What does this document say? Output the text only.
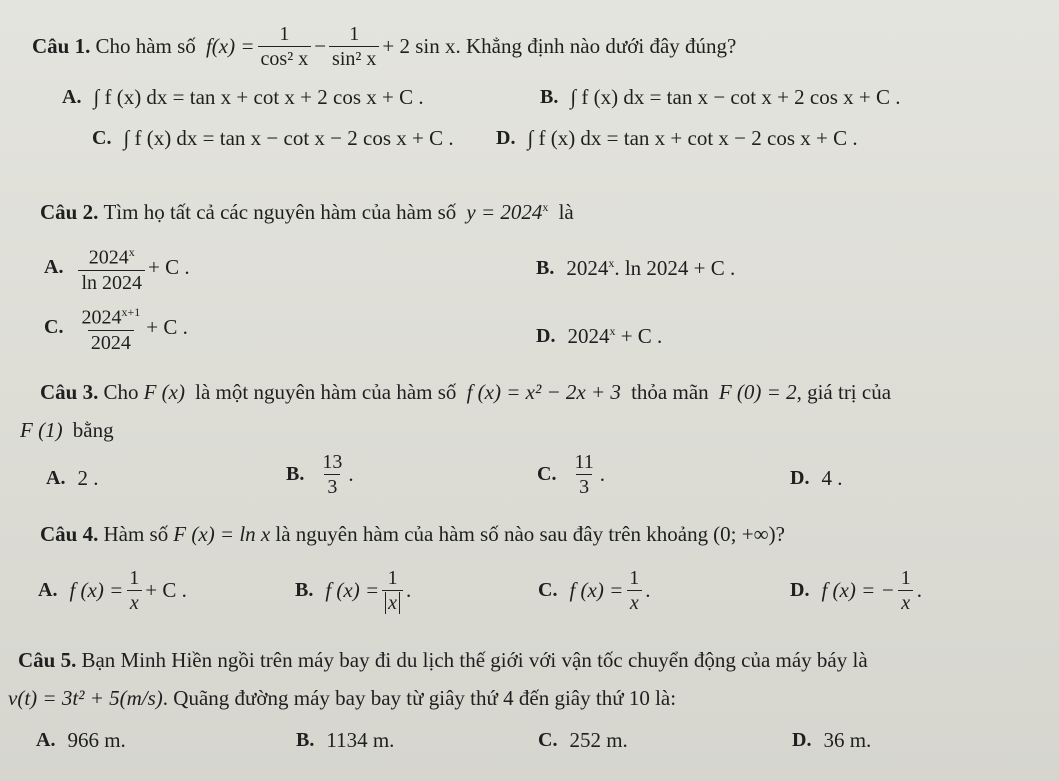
Câu 1.
Cho hàm số
$f(x) = \frac{1}{\text{cos² x}} - \frac{1}{\text{sin² x}} + 2$ sin x . Khẳng định nào dưới đây đúng?
A. ∫ f (x) dx = tan x + cot x + 2 cos x + C .	B. ∫ f (x) dx = tan x − cot x + 2 cos x + C .
C. ∫ f (x) dx = tan x − cot x − 2 cos x + C . D. ∫ f (x) dx = tan x + cot x − 2 cos x + C .
Câu 2.
Tìm họ tất cả các nguyên hàm của hàm số
$y = 2024^x$
là
A. $\frac{2024^x}{\ln 2024} + C$ .	B. 2024$^x$. ln 2024 + C .
C. $\frac{2024^{x+1}}{2024} + C$ .	D. $2024^x + C$ .
Câu 3.
Cho
F (x)
là một nguyên hàm của hàm số
f (x) = x² − 2x + 3
thỏa mãn
F (0) = 2 , giá trị của
F (1)
bằng
A. 2 .	B. $\frac{13}{3}$ .	C. $\frac{11}{3}$ .	D. 4 .
Câu 4.
Hàm số
F (x) = ln x
là nguyên hàm của hàm số nào sau đây trên khoảng
(0; +∞) ?
A. f $(x) = \frac{1}{x} + C$ .	B. f $(x) = \frac{1}{x}$ .	C. f $(x) = \frac{1}{x}$ .	D. f (x) = − $\frac{1}{x}$ .
Câu 5.
Bạn Minh Hiền ngồi trên máy bay đi du lịch thế giới với vận tốc chuyển động của máy báy là
v(t) = 3t² + 5(m/s) . Quãng đường máy bay bay từ giây thứ 4 đến giây thứ 10 là:
A. 966 m.	B. 1134 m.	C. 252 m.	D. 36 m.
